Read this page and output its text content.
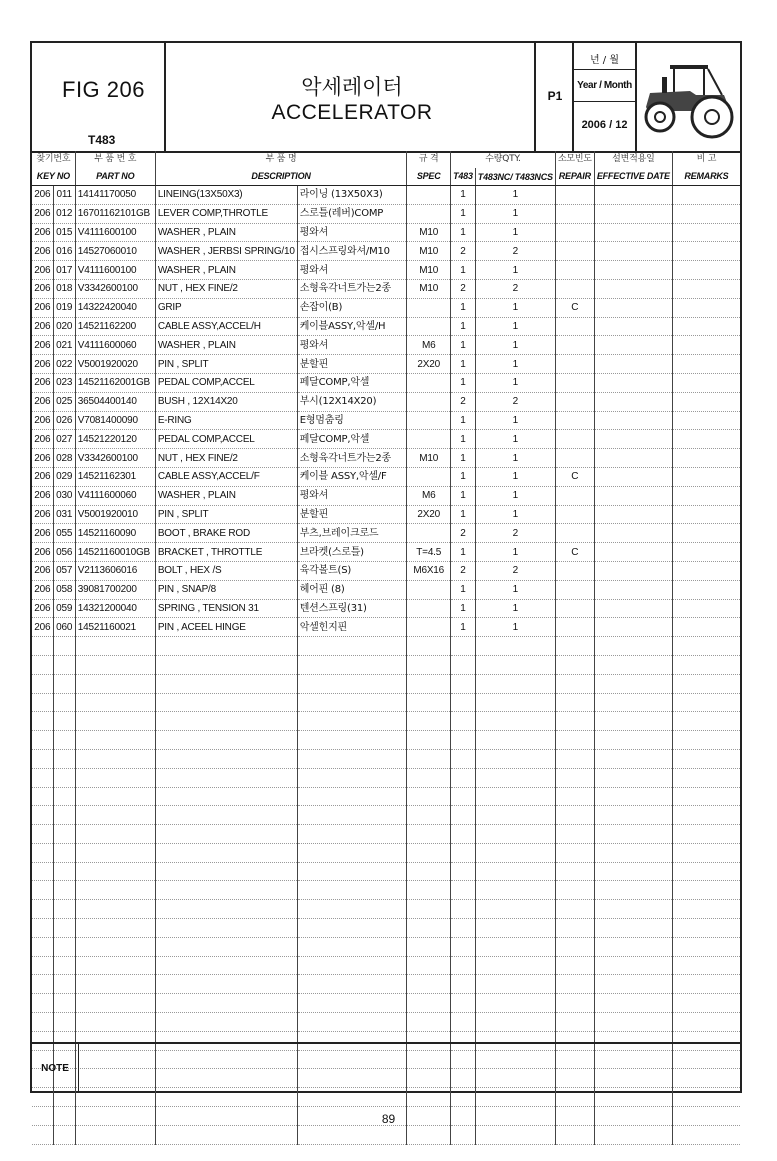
FIG 206
T483
악세레이터
ACCELERATOR
P1
년 / 월
Year / Month
2006 / 12
찾기번호		부 품 번 호	부 품 명		규 격	수량QTY.		소모빈도	설변적용일	비 고
KEY NO		PART NO	DESCRIPTION		SPEC	T483	T483NC/ T483NCS	REPAIR	EFFECTIVE DATE	REMARKS
206	011	14141170050	LINEING(13X50X3)	라이닝 (13X50X3)		1	1			
206	012	16701162101GB	LEVER COMP,THROTLE	스로틀(레버)COMP		1	1			
206	015	V4111600100	WASHER , PLAIN	평와셔	M10	1	1			
206	016	14527060010	WASHER , JERBSI SPRING/10	접시스프링와셔/M10	M10	2	2			
206	017	V4111600100	WASHER , PLAIN	평와셔	M10	1	1			
206	018	V3342600100	NUT , HEX FINE/2	소형육각너트가는2종	M10	2	2			
206	019	14322420040	GRIP	손잡이(B)		1	1	C		
206	020	14521162200	CABLE ASSY,ACCEL/H	케이블ASSY,악셀/H		1	1			
206	021	V4111600060	WASHER , PLAIN	평와셔	M6	1	1			
206	022	V5001920020	PIN , SPLIT	분할핀	2X20	1	1			
206	023	14521162001GB	PEDAL COMP,ACCEL	페달COMP,악셀		1	1			
206	025	36504400140	BUSH , 12X14X20	부시(12X14X20)		2	2			
206	026	V7081400090	E-RING	E형멈춤링		1	1			
206	027	14521220120	PEDAL COMP,ACCEL	페달COMP,악셀		1	1			
206	028	V3342600100	NUT , HEX FINE/2	소형육각너트가는2종	M10	1	1			
206	029	14521162301	CABLE ASSY,ACCEL/F	케이블 ASSY,악셀/F		1	1	C		
206	030	V4111600060	WASHER , PLAIN	평와셔	M6	1	1			
206	031	V5001920010	PIN , SPLIT	분할핀	2X20	1	1			
206	055	14521160090	BOOT , BRAKE ROD	부츠,브레이크로드		2	2			
206	056	14521160010GB	BRACKET , THROTTLE	브라켓(스로틀)	T=4.5	1	1	C		
206	057	V2113606016	BOLT , HEX /S	육각볼트(S)	M6X16	2	2			
206	058	39081700200	PIN , SNAP/8	헤어핀 (8)		1	1			
206	059	14321200040	SPRING , TENSION 31	텐션스프링(31)		1	1			
206	060	14521160021	PIN , ACEEL HINGE	악셀힌지핀		1	1			

NOTE
89
